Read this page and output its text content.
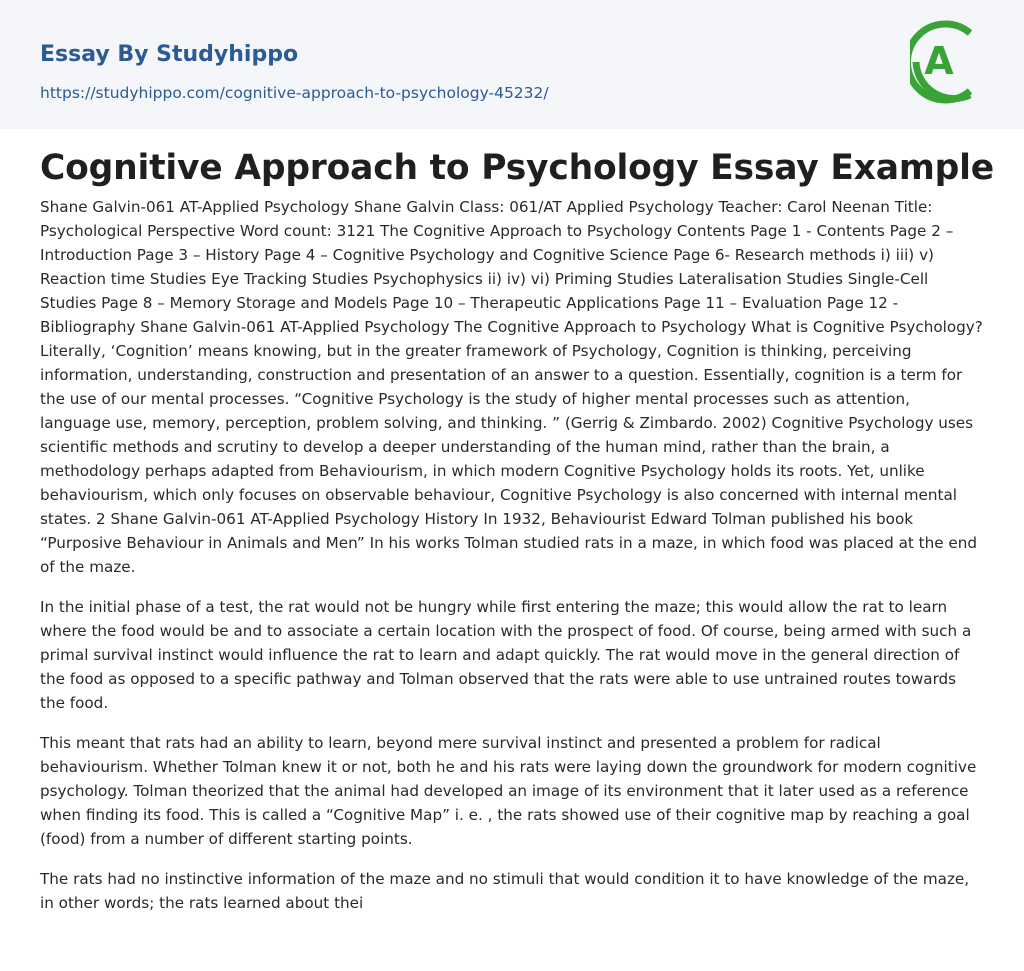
Essay By Studyhippo
https://studyhippo.com/cognitive-approach-to-psychology-45232/
A
Cognitive Approach to Psychology Essay Example

Shane Galvin-061 AT-Applied Psychology Shane Galvin Class: 061/AT Applied Psychology Teacher: Carol Neenan Title: Psychological Perspective Word count: 3121 The Cognitive Approach to Psychology Contents Page 1 - Contents Page 2 – Introduction Page 3 – History Page 4 – Cognitive Psychology and Cognitive Science Page 6- Research methods i) iii) v) Reaction time Studies Eye Tracking Studies Psychophysics ii) iv) vi) Priming Studies Lateralisation Studies Single-Cell Studies Page 8 – Memory Storage and Models Page 10 – Therapeutic Applications Page 11 – Evaluation Page 12 - Bibliography Shane Galvin-061 AT-Applied Psychology The Cognitive Approach to Psychology What is Cognitive Psychology? Literally, ‘Cognition’ means knowing, but in the greater framework of Psychology, Cognition is thinking, perceiving information, understanding, construction and presentation of an answer to a question. Essentially, cognition is a term for the use of our mental processes. “Cognitive Psychology is the study of higher mental processes such as attention, language use, memory, perception, problem solving, and thinking. ” (Gerrig & Zimbardo. 2002) Cognitive Psychology uses scientific methods and scrutiny to develop a deeper understanding of the human mind, rather than the brain, a methodology perhaps adapted from Behaviourism, in which modern Cognitive Psychology holds its roots. Yet, unlike behaviourism, which only focuses on observable behaviour, Cognitive Psychology is also concerned with internal mental states. 2 Shane Galvin-061 AT-Applied Psychology History In 1932, Behaviourist Edward Tolman published his book “Purposive Behaviour in Animals and Men” In his works Tolman studied rats in a maze, in which food was placed at the end of the maze.

In the initial phase of a test, the rat would not be hungry while first entering the maze; this would allow the rat to learn where the food would be and to associate a certain location with the prospect of food. Of course, being armed with such a primal survival instinct would influence the rat to learn and adapt quickly. The rat would move in the general direction of the food as opposed to a specific pathway and Tolman observed that the rats were able to use untrained routes towards the food.

This meant that rats had an ability to learn, beyond mere survival instinct and presented a problem for radical behaviourism. Whether Tolman knew it or not, both he and his rats were laying down the groundwork for modern cognitive psychology. Tolman theorized that the animal had developed an image of its environment that it later used as a reference when finding its food. This is called a “Cognitive Map” i. e. , the rats showed use of their cognitive map by reaching a goal (food) from a number of different starting points.

The rats had no instinctive information of the maze and no stimuli that would condition it to have knowledge of the maze, in other words; the rats learned about thei
